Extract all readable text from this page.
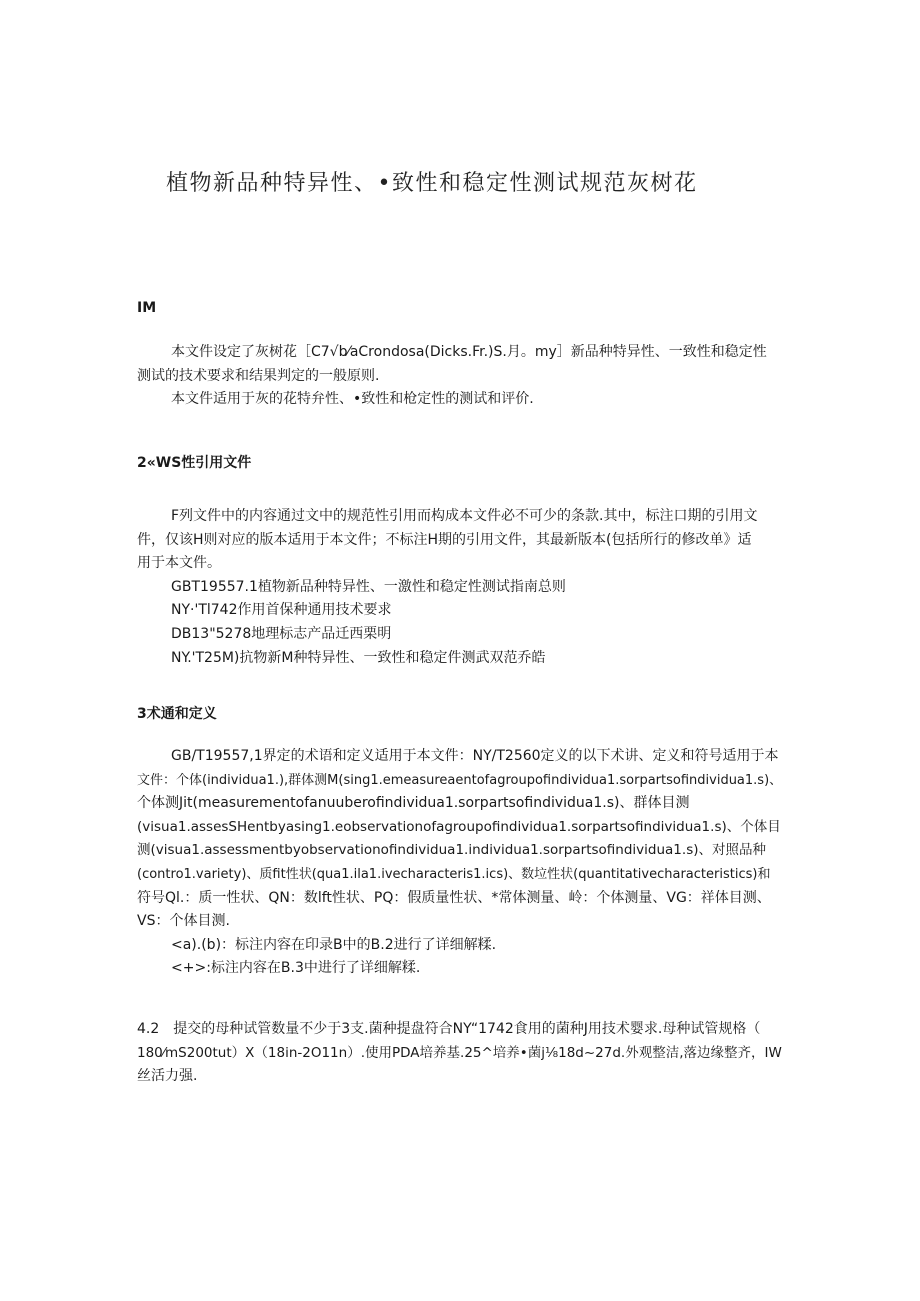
植物新品种特异性、•致性和稳定性测试规范灰树花
IM
本文件设定了灰树花［C7√b⁄aCrondosa(Dicks.Fr.)S.月。my］新品种特异性、一致性和稳定性
测试的技术要求和结果判定的一般原则.
本文件适用于灰的花特弁性、•致性和枪定性的测试和评价.
2«WS性引用文件
F列文件中的内容通过文中的规范性引用而构成本文件必不可少的条款.其中，标注口期的引用文
件，仅该H则对应的版本适用于本文件；不标注H期的引用文件，其最新版本(包括所行的修改单》适
用于本文件。
GBT19557.1植物新品种特异性、一激性和稳定性测试指南总则
NY·'Tl742作用首保种通用技术要求
DB13"5278地理标志产品迁西栗明
NY.'T25M)抗物新M种特异性、一致性和稳定件测武双范乔皓
3术通和定义
GB/T19557,1界定的术语和定义适用于本文件：NY/T2560定义的以下术讲、定义和符号适用于本
文件：个体(individua1.),群体测M(sing1.emeasureaentofagroupofindividua1.sorpartsofindividua1.s)、
个体测Jit(measurementofanuuberofindividua1.sorpartsofindividua1.s)、群体目测
(visua1.assesSHentbyasing1.eobservationofagroupofindividua1.sorpartsofindividua1.s)、个体目
测(visua1.assessmentbyobservationofindividua1.individua1.sorpartsofindividua1.s)、对照品种
(contro1.variety)、质fit性状(qua1.ila1.ivecharacteris1.ics)、数垃性状(quantitativecharacteristics)和
符号Ql.：质一性状、QN：数lft性状、PQ：假质量性状、*常体测量、岭：个体测量、VG：祥体目测、
VS：个体目测.
<a).(b)：标注内容在印录B中的B.2进行了详细解糅.
<+>:标注内容在B.3中进行了详细解糅.
4.2　提交的母种试管数量不少于3支.菌种提盘符合NY“1742食用的菌种J用技术婴求.母种试管规格（
180⁄mS200tut）X（18in-2O11n）.使用PDA培养基.25^培养•菌j⅛18d~27d.外观整洁,落边缘整齐，IW
丝活力强.
